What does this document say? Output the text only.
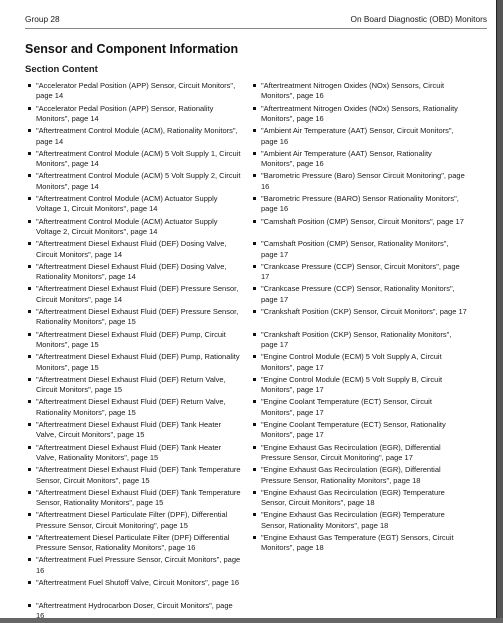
Group 28	On Board Diagnostic (OBD) Monitors
Sensor and Component Information
Section Content
"Accelerator Pedal Position (APP) Sensor, Circuit Monitors", page 14
"Accelerator Pedal Position (APP) Sensor, Rationality Monitors", page 14
"Aftertreatment Control Module (ACM), Rationality Monitors", page 14
"Aftertreatment Control Module (ACM) 5 Volt Supply 1, Circuit Monitors", page 14
"Aftertreatment Control Module (ACM) 5 Volt Supply 2, Circuit Monitors", page 14
"Aftertreatment Control Module (ACM) Actuator Supply Voltage 1, Circuit Monitors", page 14
"Aftertreatment Control Module (ACM) Actuator Supply Voltage 2, Circuit Monitors", page 14
"Aftertreatment Diesel Exhaust Fluid (DEF) Dosing Valve, Circuit Monitors", page 14
"Aftertreatment Diesel Exhaust Fluid (DEF) Dosing Valve, Rationality Monitors", page 14
"Aftertreatment Diesel Exhaust Fluid (DEF) Pressure Sensor, Circuit Monitors", page 14
"Aftertreatment Diesel Exhaust Fluid (DEF) Pressure Sensor, Rationality Monitors", page 15
"Aftertreatment Diesel Exhaust Fluid (DEF) Pump, Circuit Monitors", page 15
"Aftertreatment Diesel Exhaust Fluid (DEF) Pump, Rationality Monitors", page 15
"Aftertreatment Diesel Exhaust Fluid (DEF) Return Valve, Circuit Monitors", page 15
"Aftertreatment Diesel Exhaust Fluid (DEF) Return Valve, Rationality Monitors", page 15
"Aftertreatment Diesel Exhaust Fluid (DEF) Tank Heater Valve, Circuit Monitors", page 15
"Aftertreatment Diesel Exhaust Fluid (DEF) Tank Heater Valve, Rationality Monitors", page 15
"Aftertreatment Diesel Exhaust Fluid (DEF) Tank Temperature Sensor, Circuit Monitors", page 15
"Aftertreatment Diesel Exhaust Fluid (DEF) Tank Temperature Sensor, Rationality Monitors", page 15
"Aftertreatment Diesel Particulate Filter (DPF), Differential Pressure Sensor, Circuit Monitoring", page 15
"Aftertreatement Diesel Particulate Filter (DPF) Differential Pressure Sensor, Rationality Monitors", page 16
"Aftertreatment Fuel Pressure Sensor, Circuit Monitors", page 16
"Aftertreatment Fuel Shutoff Valve, Circuit Monitors", page 16
"Aftertreatment Hydrocarbon Doser, Circuit Monitors", page 16
"Aftertreatment Nitrogen Oxides (NOx) Sensors, Circuit Monitors", page 16
"Aftertreatment Nitrogen Oxides (NOx) Sensors, Rationality Monitors", page 16
"Ambient Air Temperature (AAT) Sensor, Circuit Monitors", page 16
"Ambient Air Temperature (AAT) Sensor, Rationality Monitors", page 16
"Barometric Pressure (Baro) Sensor Circuit Monitoring", page 16
"Barometric Pressure (BARO) Sensor Rationality Monitors", page 16
"Camshaft Position (CMP) Sensor, Circuit Monitors", page 17
"Camshaft Position (CMP) Sensor, Rationality Monitors", page 17
"Crankcase Pressure (CCP) Sensor, Circuit Monitors", page 17
"Crankcase Pressure (CCP) Sensor, Rationality Monitors", page 17
"Crankshaft Position (CKP) Sensor, Circuit Monitors", page 17
"Crankshaft Position (CKP) Sensor, Rationality Monitors", page 17
"Engine Control Module (ECM) 5 Volt Supply A, Circuit Monitors", page 17
"Engine Control Module (ECM) 5 Volt Supply B, Circuit Monitors", page 17
"Engine Coolant Temperature (ECT) Sensor, Circuit Monitors", page 17
"Engine Coolant Temperature (ECT) Sensor, Rationality Monitors", page 17
"Engine Exhaust Gas Recirculation (EGR), Differential Pressure Sensor, Circuit Monitoring", page 17
"Engine Exhaust Gas Recirculation (EGR), Differential Pressure Sensor, Rationality Monitors", page 18
"Engine Exhaust Gas Recirculation (EGR) Temperature Sensor, Circuit Monitors", page 18
"Engine Exhaust Gas Recirculation (EGR) Temperature Sensor, Rationality Monitors", page 18
"Engine Exhaust Gas Temperature (EGT) Sensors, Circuit Monitors", page 18
